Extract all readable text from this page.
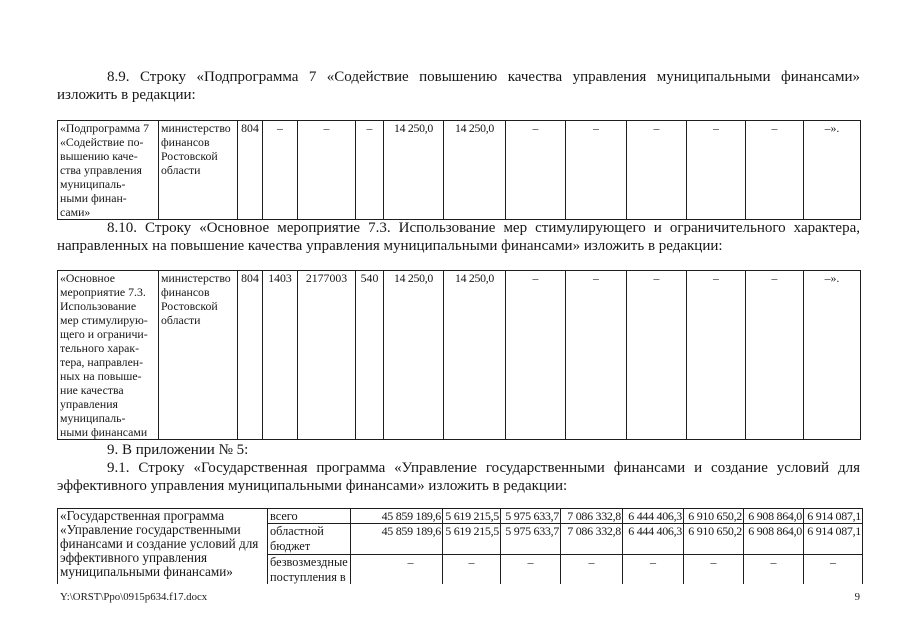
8.9. Строку «Подпрограмма 7 «Содействие повышению качества управления муниципальными финансами»
изложить в редакции:
«Подпрограмма 7
«Содействие по-
вышению каче-
ства управления
муниципаль-
ными финан-
сами»	министерство
финансов
Ростовской
области	804	–	–	–	14 250,0	14 250,0	–	–	–	–	–	–».
8.10. Строку «Основное мероприятие 7.3. Использование мер стимулирующего и ограничительного характера,
направленных на повышение качества управления муниципальными финансами» изложить в редакции:
«Основное
мероприятие 7.3.
Использование
мер стимулирую-
щего и ограничи-
тельного харак-
тера, направлен-
ных на повыше-
ние качества
управления
муниципаль-
ными финансами	министерство
финансов
Ростовской
области	804	1403	2177003	540	14 250,0	14 250,0	–	–	–	–	–	–».
9. В приложении № 5:
9.1. Строку «Государственная программа «Управление государственными финансами и создание условий для
эффективного управления муниципальными финансами» изложить в редакции:
«Государственная программа
«Управление государственными
финансами и создание условий для
эффективного управления
муниципальными финансами»	всего	45 859 189,6	5 619 215,5	5 975 633,7	7 086 332,8	6 444 406,3	6 910 650,2	6 908 864,0	6 914 087,1
	областной
бюджет	45 859 189,6	5 619 215,5	5 975 633,7	7 086 332,8	6 444 406,3	6 910 650,2	6 908 864,0	6 914 087,1
	безвозмездные
поступления в	–	–	–	–	–	–	–	–
Y:\ORST\Ppo\0915p634.f17.docx	9
